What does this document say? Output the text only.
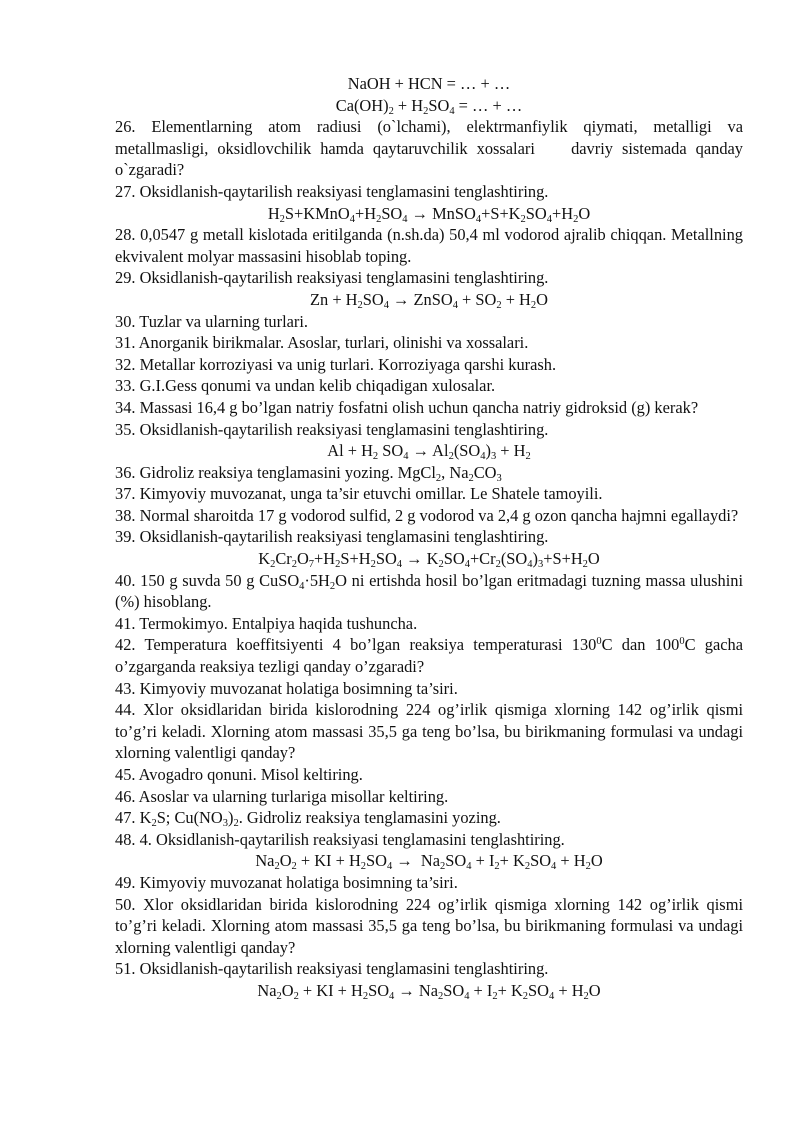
NaOH + HCN = … + …
$Ca(OH)_2 + H_2SO_4$ = … + …
26. Elementlarning atom radiusi (o`lchami), elektrmanfiylik qiymati, metalligi va metallmasligi, oksidlovchilik hamda qaytaruvchilik xossalari    davriy sistemada qanday o`zgaradi?
27. Oksidlanish-qaytarilish reaksiyasi tenglamasini tenglashtiring.
$H_2S+KMnO_4+H_2SO_4$ → $MnSO_4+S+K_2SO_4+H_2O$
28. 0,0547 g metall kislotada eritilganda (n.sh.da) 50,4 ml vodorod ajralib chiqqan. Metallning ekvivalent molyar massasini hisoblab toping.
29. Oksidlanish-qaytarilish reaksiyasi tenglamasini tenglashtiring.
$Zn + H_2SO_4$ → ZnSO$_4$ + $SO_2 + H_2O$
30. Tuzlar va ularning turlari.
31. Anorganik birikmalar. Asoslar, turlari, olinishi va xossalari.
32. Metallar korroziyasi va unig turlari. Korroziyaga qarshi kurash.
33. G.I.Gess qonumi va undan kelib chiqadigan xulosalar.
34. Massasi 16,4 g bo’lgan natriy fosfatni olish uchun qancha natriy gidroksid (g) kerak?
35. Oksidlanish-qaytarilish reaksiyasi tenglamasini tenglashtiring.
$Al + H_2$ $SO_4 \to Al_2(SO_4)_3 + H_2$
36. Gidroliz reaksiya tenglamasini yozing. MgCl$_2$, $Na_2CO_3$
37. Kimyoviy muvozanat, unga ta’sir etuvchi omillar. Le Shatele tamoyili.
38. Normal sharoitda 17 g vodorod sulfid, 2 g vodorod va 2,4 g ozon qancha hajmni egallaydi?
39. Oksidlanish-qaytarilish reaksiyasi tenglamasini tenglashtiring.
$K_2Cr_2O_7+H_2S+H_2SO_4 \to K_2SO_4+Cr_2(SO_4)_3+S+H_2O$
40. 150 g suvda 50 g $CuSO_4\cdot 5H_2O$ ni ertishda hosil bo’lgan eritmadagi tuzning massa ulushini (%) hisoblang.
41. Termokimyo. Entalpiya haqida tushuncha.
42. Temperatura koeffitsiyenti 4 bo’lgan reaksiya temperaturasi $130^0C$ dan $100^0C$ gacha o’zgarganda reaksiya tezligi qanday o’zgaradi?
43. Kimyoviy muvozanat holatiga bosimning ta’siri.
44. Xlor oksidlaridan birida kislorodning 224 og’irlik qismiga xlorning 142 og’irlik qismi to’g’ri keladi. Xlorning atom massasi 35,5 ga teng bo’lsa, bu birikmaning formulasi va undagi xlorning valentligi qanday?
45. Avogadro qonuni. Misol keltiring.
46. Asoslar va ularning turlariga misollar keltiring.
47. $K_2S$; $Cu(NO_3)_2$. Gidroliz reaksiya tenglamasini yozing.
48. 4. Oksidlanish-qaytarilish reaksiyasi tenglamasini tenglashtiring.
$Na_2O_2$ + KI + $H_2SO_4 \to Na_2SO_4 + I_2+ K_2SO_4 + H_2O$
49. Kimyoviy muvozanat holatiga bosimning ta’siri.
50. Xlor oksidlaridan birida kislorodning 224 og’irlik qismiga xlorning 142 og’irlik qismi to’g’ri keladi. Xlorning atom massasi 35,5 ga teng bo’lsa, bu birikmaning formulasi va undagi xlorning valentligi qanday?
51. Oksidlanish-qaytarilish reaksiyasi tenglamasini tenglashtiring.
$Na_2O_2$ + KI + $H_2SO_4 \to Na_2SO_4 + I_2+ K_2SO_4 + H_2O$
